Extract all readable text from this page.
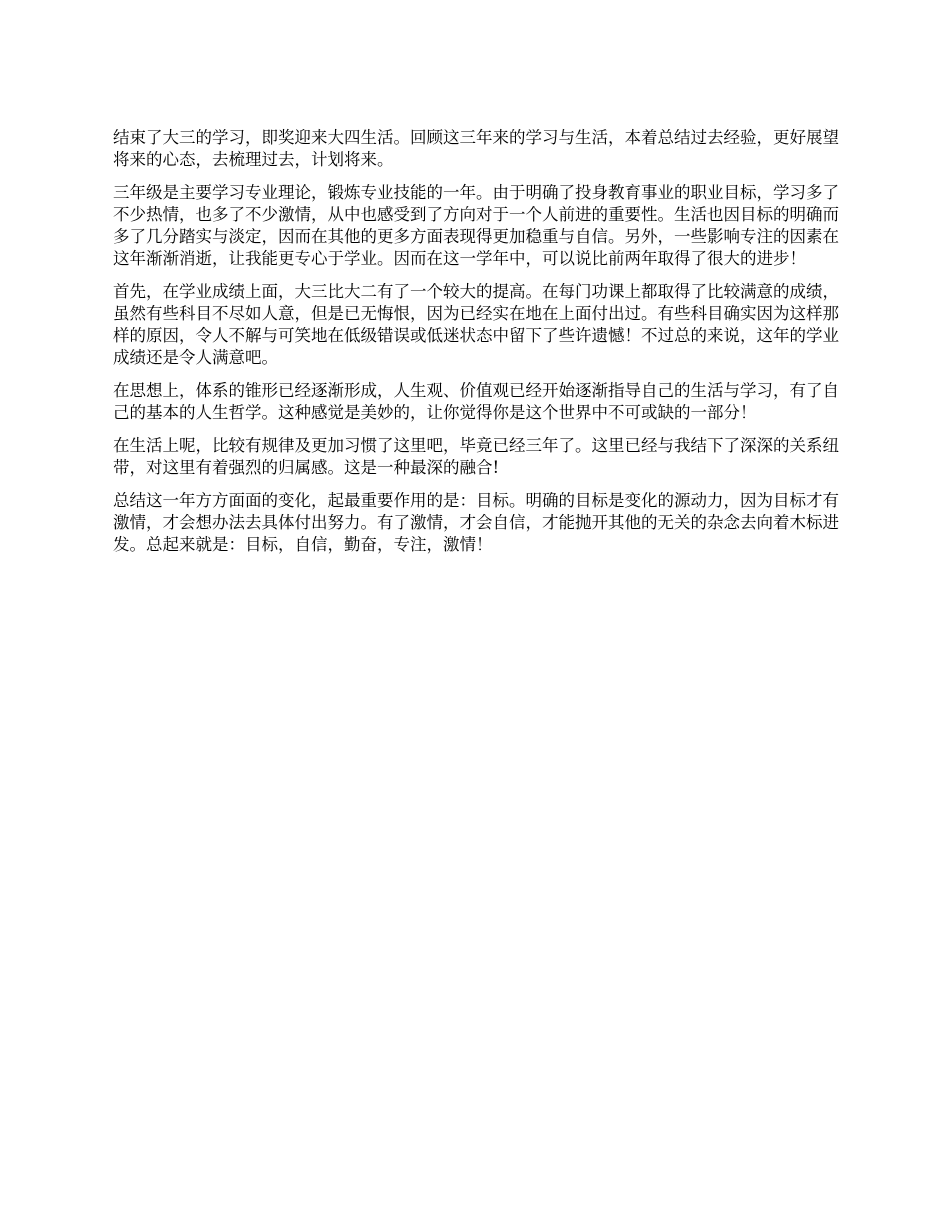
结束了大三的学习，即奖迎来大四生活。回顾这三年来的学习与生活，本着总结过去经验，更好展望将来的心态，去梳理过去，计划将来。

三年级是主要学习专业理论，锻炼专业技能的一年。由于明确了投身教育事业的职业目标，学习多了不少热情，也多了不少激情，从中也感受到了方向对于一个人前进的重要性。生活也因目标的明确而多了几分踏实与淡定，因而在其他的更多方面表现得更加稳重与自信。另外，一些影响专注的因素在这年渐渐消逝，让我能更专心于学业。因而在这一学年中，可以说比前两年取得了很大的进步！

首先，在学业成绩上面，大三比大二有了一个较大的提高。在每门功课上都取得了比较满意的成绩，虽然有些科目不尽如人意，但是已无悔恨，因为已经实在地在上面付出过。有些科目确实因为这样那样的原因，令人不解与可笑地在低级错误或低迷状态中留下了些许遗憾！不过总的来说，这年的学业成绩还是令人满意吧。

在思想上，体系的锥形已经逐渐形成，人生观、价值观已经开始逐渐指导自己的生活与学习，有了自己的基本的人生哲学。这种感觉是美妙的，让你觉得你是这个世界中不可或缺的一部分！

在生活上呢，比较有规律及更加习惯了这里吧，毕竟已经三年了。这里已经与我结下了深深的关系纽带，对这里有着强烈的归属感。这是一种最深的融合!

总结这一年方方面面的变化，起最重要作用的是：目标。明确的目标是变化的源动力，因为目标才有激情，才会想办法去具体付出努力。有了激情，才会自信，才能抛开其他的无关的杂念去向着木标进发。总起来就是：目标，自信，勤奋，专注，激情！
